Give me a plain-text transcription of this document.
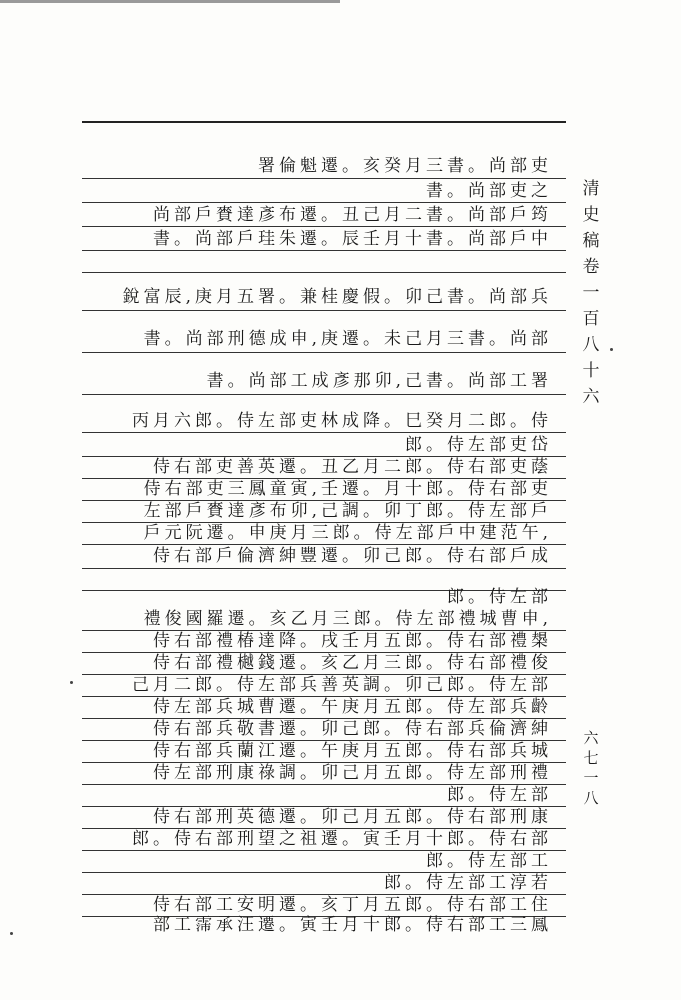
署倫魁遷。亥癸月三書。尚部吏
書。尚部吏之
尚部戶賚達彥布遷。丑己月二書。尚部戶筠
書。尚部戶珪朱遷。辰壬月十書。尚部戶中
銳富辰,庚月五署。兼桂慶假。卯己書。尚部兵
書。尚部刑德成申,庚遷。未己月三書。尚部
書。尚部工成彥那卯,己書。尚部工署
丙月六郎。侍左部吏林成降。巳癸月二郎。侍
郎。侍左部吏岱
侍右部吏善英遷。丑乙月二郎。侍右部吏蔭
侍右部吏三鳳童寅,壬遷。月十郎。侍右部吏
左部戶賚達彥布卯,己調。卯丁郎。侍左部戶
戶元阮遷。申庚月三郎。侍左部戶中建范午,
侍右部戶倫濟紳豐遷。卯己郎。侍右部戶成
郎。侍左部
禮俊國羅遷。亥乙月三郎。侍左部禮城曹申,
侍右部禮椿達降。戌壬月五郎。侍右部禮槼
侍右部禮樾錢遷。亥乙月三郎。侍右部禮俊
己月二郎。侍左部兵善英調。卯己郎。侍左部
侍左部兵城曹遷。午庚月五郎。侍左部兵齡
侍右部兵敬書遷。卯己郎。侍右部兵倫濟紳
侍右部兵蘭江遷。午庚月五郎。侍右部兵城
侍左部刑康祿調。卯己月五郎。侍左部刑禮
郎。侍左部
侍右部刑英德遷。卯己月五郎。侍右部刑康
郎。侍右部刑望之祖遷。寅壬月十郎。侍右部
郎。侍左部工
郎。侍左部工淳若
侍右部工安明遷。亥丁月五郎。侍右部工住
部工霈承汪遷。寅壬月十郎。侍右部工三鳳
清史稿卷一百八十六
六七一八
